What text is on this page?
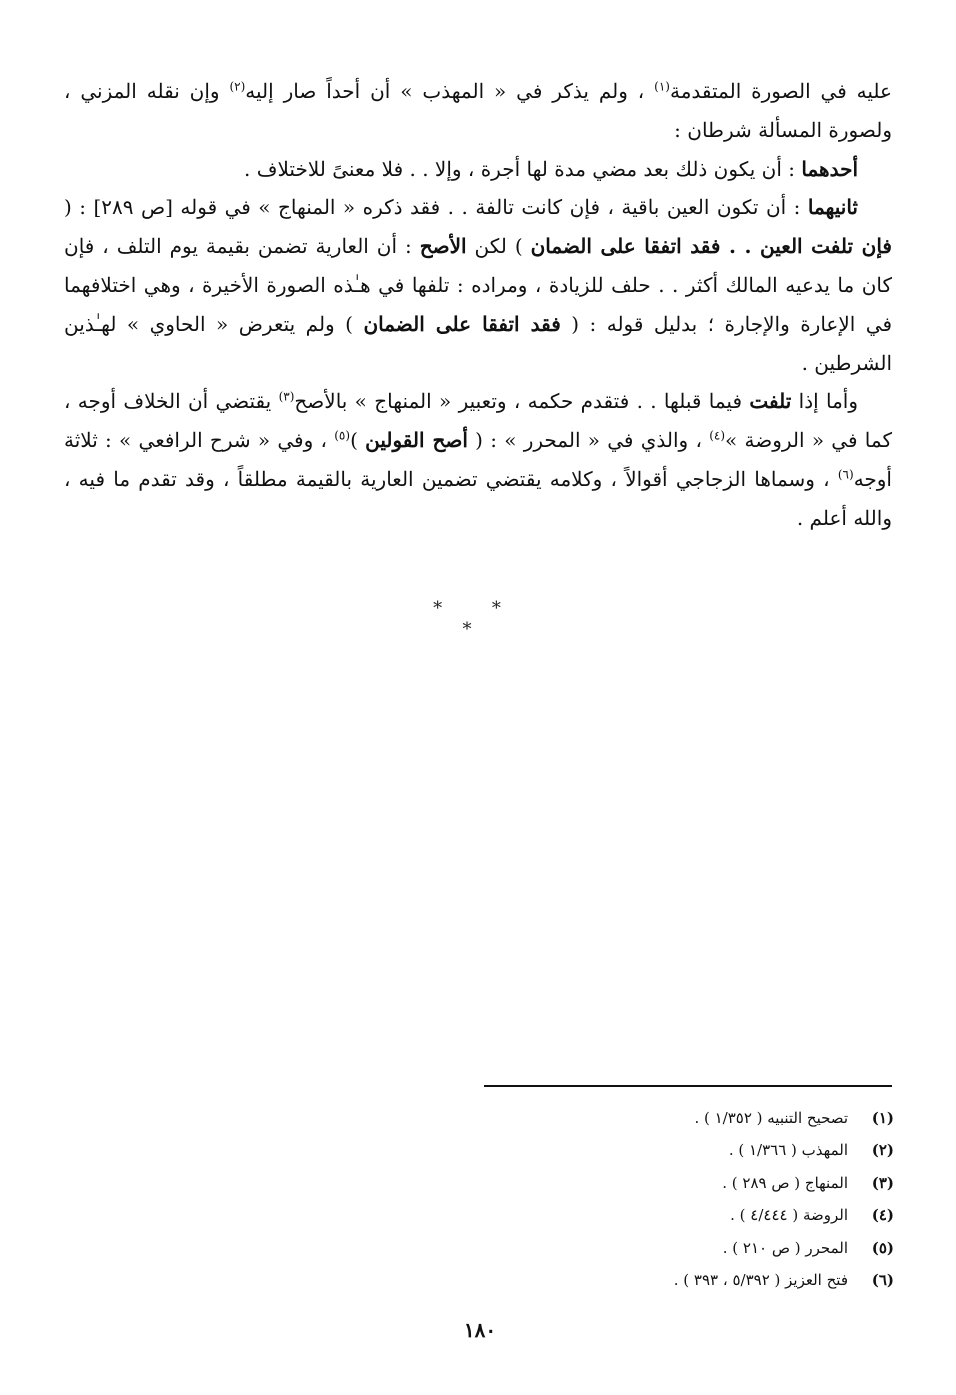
عليه في الصورة المتقدمة$^{(١)}$ ، ولم يذكر في « المهذب » أن أحداً صار إليه$^{(٢)}$ وإن نقله المزني ، ولصورة المسألة شرطان :

أحدهما : أن يكون ذلك بعد مضي مدة لها أجرة ، وإلا . . فلا معنىً للاختلاف .

ثانيهما : أن تكون العين باقية ، فإن كانت تالفة . . فقد ذكره « المنهاج » في قوله [ص ٢٨٩] : ( فإن تلفت العين . . فقد اتفقا على الضمان ) لكن الأصح : أن العارية تضمن بقيمة يوم التلف ، فإن كان ما يدعيه المالك أكثر . . حلف للزيادة ، ومراده : تلفها في هـٰذه الصورة الأخيرة ، وهي اختلافهما في الإعارة والإجارة ؛ بدليل قوله : ( فقد اتفقا على الضمان ) ولم يتعرض « الحاوي » لهـٰذين الشرطين .

وأما إذا تلفت فيما قبلها . . فتقدم حكمه ، وتعبير « المنهاج » بالأصح$^{(٣)}$ يقتضي أن الخلاف أوجه ، كما في « الروضة »$^{(٤)}$ ، والذي في « المحرر » : ( أصح القولين )$^{(٥)}$ ، وفي « شرح الرافعي » : ثلاثة أوجه$^{(٦)}$ ، وسماها الزجاجي أقوالاً ، وكلامه يقتضي تضمين العارية بالقيمة مطلقاً ، وقد تقدم ما فيه ، والله أعلم .

* * *
(١)
تصحيح التنبيه ( ١/٣٥٢ ) .
(٢)
المهذب ( ١/٣٦٦ ) .
(٣)
المنهاج ( ص ٢٨٩ ) .
(٤)
الروضة ( ٤/٤٤٤ ) .
(٥)
المحرر ( ص ٢١٠ ) .
(٦)
فتح العزيز ( ٥/٣٩٢ ، ٣٩٣ ) .
١٨٠
